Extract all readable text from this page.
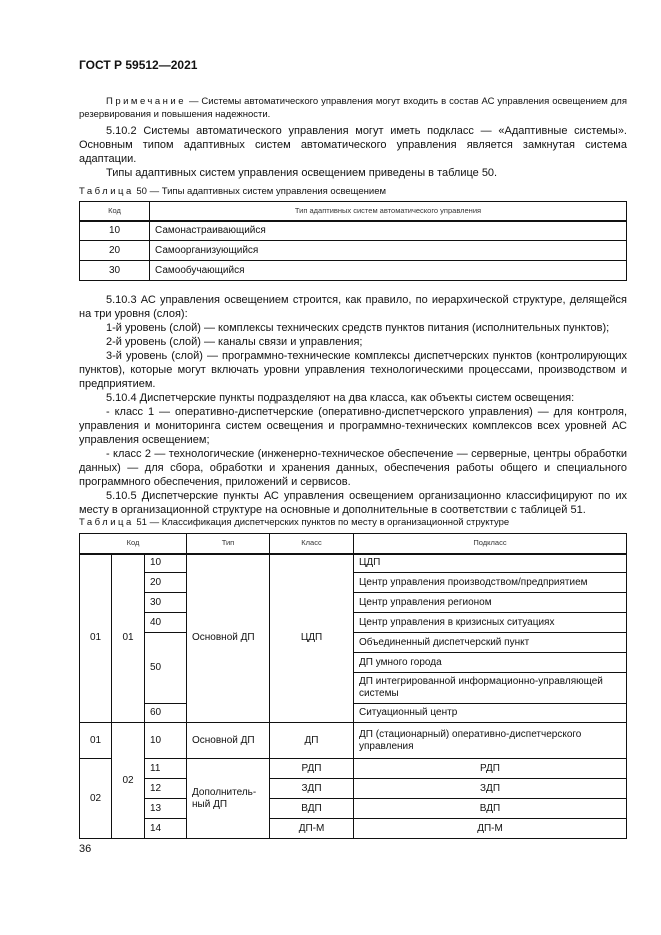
ГОСТ Р 59512—2021
Примечание — Системы автоматического управления могут входить в состав АС управления освещением для резервирования и повышения надежности.
5.10.2 Системы автоматического управления могут иметь подкласс — «Адаптивные системы». Основным типом адаптивных систем автоматического управления является замкнутая система адаптации.
Типы адаптивных систем управления освещением приведены в таблице 50.
Таблица 50 — Типы адаптивных систем управления освещением
Код	Тип адаптивных систем автоматического управления
10	Самонастраивающийся
20	Самоорганизующийся
30	Самообучающийся
5.10.3 АС управления освещением строится, как правило, по иерархической структуре, делящейся на три уровня (слоя):
1-й уровень (слой) — комплексы технических средств пунктов питания (исполнительных пунктов);
2-й уровень (слой) — каналы связи и управления;
3-й уровень (слой) — программно-технические комплексы диспетчерских пунктов (контролирующих пунктов), которые могут включать уровни управления технологическими процессами, производством и предприятием.
5.10.4 Диспетчерские пункты подразделяют на два класса, как объекты систем освещения:
- класс 1 — оперативно-диспетчерские (оперативно-диспетчерского управления) — для контроля, управления и мониторинга систем освещения и программно-технических комплексов всех уровней АС управления освещением;
- класс 2 — технологические (инженерно-техническое обеспечение — серверные, центры обработки данных) — для сбора, обработки и хранения данных, обеспечения работы общего и специального программного обеспечения, приложений и сервисов.
5.10.5 Диспетчерские пункты АС управления освещением организационно классифицируют по их месту в организационной структуре на основные и дополнительные в соответствии с таблицей 51.
Таблица 51 — Классификация диспетчерских пунктов по месту в организационной структуре
Код			Тип	Класс	Подкласс
01	01	10	Основной ДП	ЦДП	ЦДП
		20			Центр управления производством/предприятием
		30			Центр управления регионом
		40			Центр управления в кризисных ситуациях
		50			Объединенный диспетчерский пункт
					ДП умного города
					ДП интегрированной информационно-управляющей системы
		60			Ситуационный центр
01	02	10	Основной ДП	ДП	ДП (стационарный) оперативно-диспетчерского управления
02		11	Дополнитель-ный ДП	РДП	РДП
		12		ЗДП	ЗДП
		13		ВДП	ВДП
		14		ДП-М	ДП-М
36
